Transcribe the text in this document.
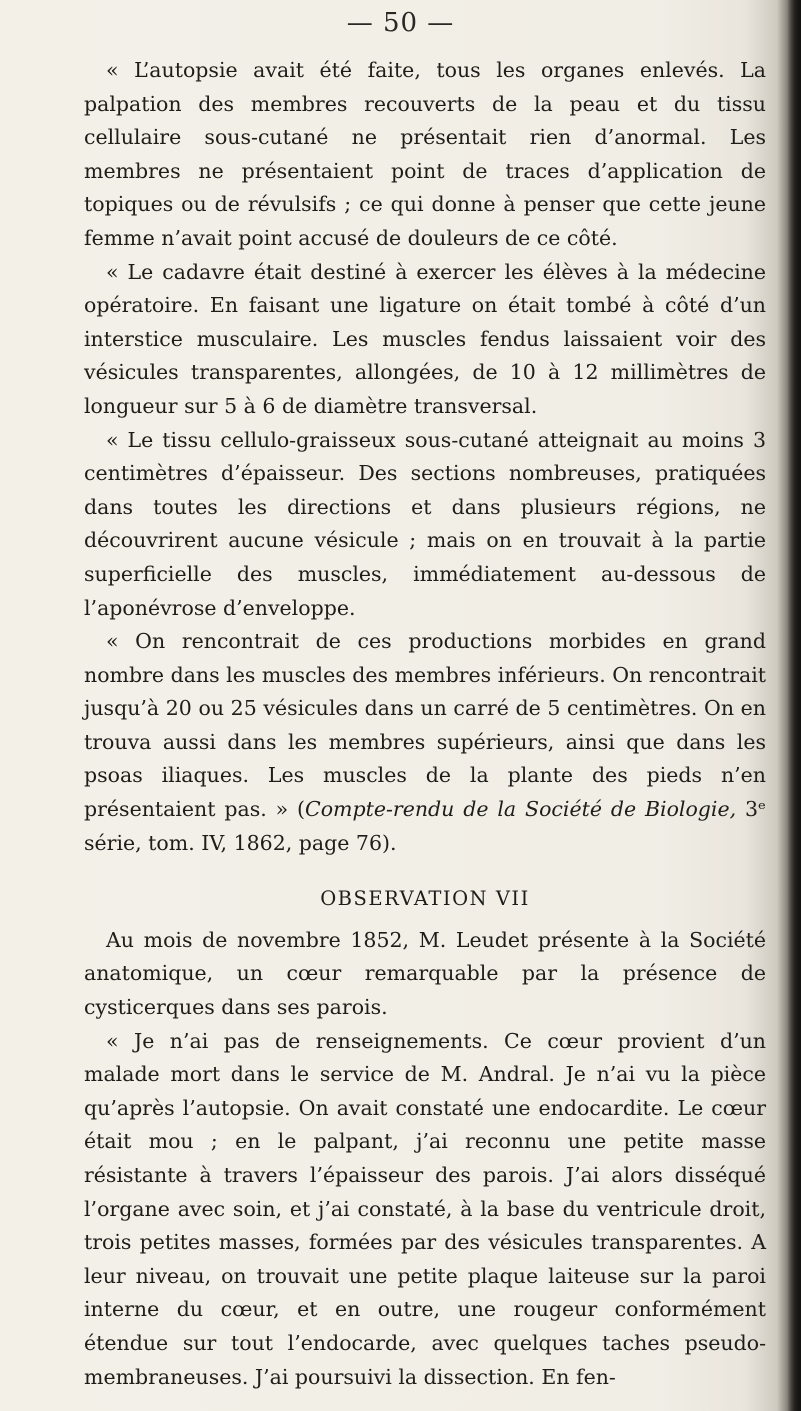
— 50 —

« L’autopsie avait été faite, tous les organes enlevés. La palpation des membres recouverts de la peau et du tissu cellulaire sous-cutané ne présentait rien d’anormal. Les membres ne présentaient point de traces d’application de topiques ou de révulsifs ; ce qui donne à penser que cette jeune femme n’avait point accusé de douleurs de ce côté.

« Le cadavre était destiné à exercer les élèves à la médecine opératoire. En faisant une ligature on était tombé à côté d’un interstice musculaire. Les muscles fendus laissaient voir des vésicules transparentes, allongées, de 10 à 12 millimètres de longueur sur 5 à 6 de diamètre transversal.

« Le tissu cellulo-graisseux sous-cutané atteignait au moins 3 centimètres d’épaisseur. Des sections nombreuses, pratiquées dans toutes les directions et dans plusieurs régions, ne découvrirent aucune vésicule ; mais on en trouvait à la partie superficielle des muscles, immédiatement au-dessous de l’aponévrose d’enveloppe.

« On rencontrait de ces productions morbides en grand nombre dans les muscles des membres inférieurs. On rencontrait jusqu’à 20 ou 25 vésicules dans un carré de 5 centimètres. On en trouva aussi dans les membres supérieurs, ainsi que dans les psoas iliaques. Les muscles de la plante des pieds n’en présentaient pas. » (Compte-rendu de la Société de Biologie, 3ᵉ série, tom. IV, 1862, page 76).

OBSERVATION VII

Au mois de novembre 1852, M. Leudet présente à la Société anatomique, un cœur remarquable par la présence de cysticerques dans ses parois.

« Je n’ai pas de renseignements. Ce cœur provient d’un malade mort dans le service de M. Andral. Je n’ai vu la pièce qu’après l’autopsie. On avait constaté une endocardite. Le cœur était mou ; en le palpant, j’ai reconnu une petite masse résistante à travers l’épaisseur des parois. J’ai alors disséqué l’organe avec soin, et j’ai constaté, à la base du ventricule droit, trois petites masses, formées par des vésicules transparentes. A leur niveau, on trouvait une petite plaque laiteuse sur la paroi interne du cœur, et en outre, une rougeur conformément étendue sur tout l’endocarde, avec quelques taches pseudo-membraneuses. J’ai poursuivi la dissection. En fen-
